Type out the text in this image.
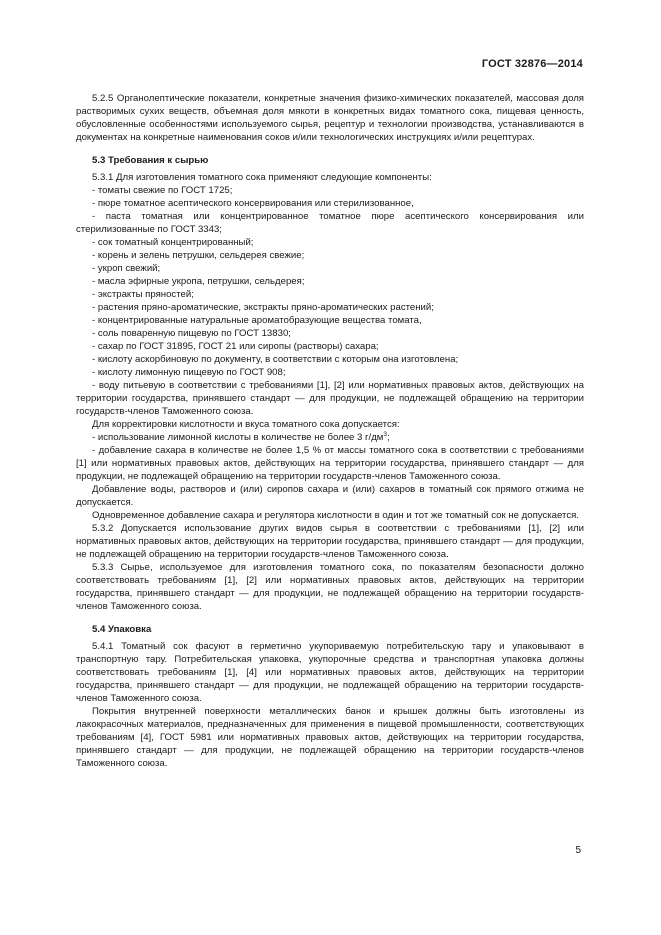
ГОСТ 32876—2014

5.2.5 Органолептические показатели, конкретные значения физико-химических показателей, массовая доля растворимых сухих веществ, объемная доля мякоти в конкретных видах томатного сока, пищевая ценность, обусловленные особенностями используемого сырья, рецептур и технологии производства, устанавливаются в документах на конкретные наименования соков и/или технологических инструкциях и/или рецептурах.

5.3 Требования к сырью

5.3.1 Для изготовления томатного сока применяют следующие компоненты:

- томаты свежие по ГОСТ 1725;

- пюре томатное асептического консервирования или стерилизованное,

- паста томатная или концентрированное томатное пюре асептического консервирования или стерилизованные по ГОСТ 3343;

- сок томатный концентрированный;

- корень и зелень петрушки, сельдерея свежие;

- укроп свежий;

- масла эфирные укропа, петрушки, сельдерея;

- экстракты пряностей;

- растения пряно-ароматические, экстракты пряно-ароматических растений;

- концентрированные натуральные ароматобразующие вещества томата,

- соль поваренную пищевую по ГОСТ 13830;

- сахар по ГОСТ 31895, ГОСТ 21 или сиропы (растворы) сахара;

- кислоту аскорбиновую по документу, в соответствии с которым она изготовлена;

- кислоту лимонную пищевую по ГОСТ 908;

- воду питьевую в соответствии с требованиями [1], [2] или нормативных правовых актов, действующих на территории государства, принявшего стандарт — для продукции, не подлежащей обращению на территории государств-членов Таможенного союза.

Для корректировки кислотности и вкуса томатного сока допускается:

- использование лимонной кислоты в количестве не более 3 $г/дм^3$;

- добавление сахара в количестве не более 1,5 % от массы томатного сока в соответствии с требованиями [1] или нормативных правовых актов, действующих на территории государства, принявшего стандарт — для продукции, не подлежащей обращению на территории государств-членов Таможенного союза.

Добавление воды, растворов и (или) сиропов сахара и (или) сахаров в томатный сок прямого отжима не допускается.

Одновременное добавление сахара и регулятора кислотности в один и тот же томатный сок не допускается.

5.3.2 Допускается использование других видов сырья в соответствии с требованиями [1], [2] или нормативных правовых актов, действующих на территории государства, принявшего стандарт — для продукции, не подлежащей обращению на территории государств-членов Таможенного союза.

5.3.3 Сырье, используемое для изготовления томатного сока, по показателям безопасности должно соответствовать требованиям [1], [2] или нормативных правовых актов, действующих на территории государства, принявшего стандарт — для продукции, не подлежащей обращению на территории государств-членов Таможенного союза.

5.4 Упаковка

5.4.1 Томатный сок фасуют в герметично укупориваемую потребительскую тару и упаковывают в транспортную тару. Потребительская упаковка, укупорочные средства и транспортная упаковка должны соответствовать требованиям [1], [4] или нормативных правовых актов, действующих на территории государства, принявшего стандарт — для продукции, не подлежащей обращению на территории государств-членов Таможенного союза.

Покрытия внутренней поверхности металлических банок и крышек должны быть изготовлены из лакокрасочных материалов, предназначенных для применения в пищевой промышленности, соответствующих требованиям [4], ГОСТ 5981 или нормативных правовых актов, действующих на территории государства, принявшего стандарт — для продукции, не подлежащей обращению на территории государств-членов Таможенного союза.

5
